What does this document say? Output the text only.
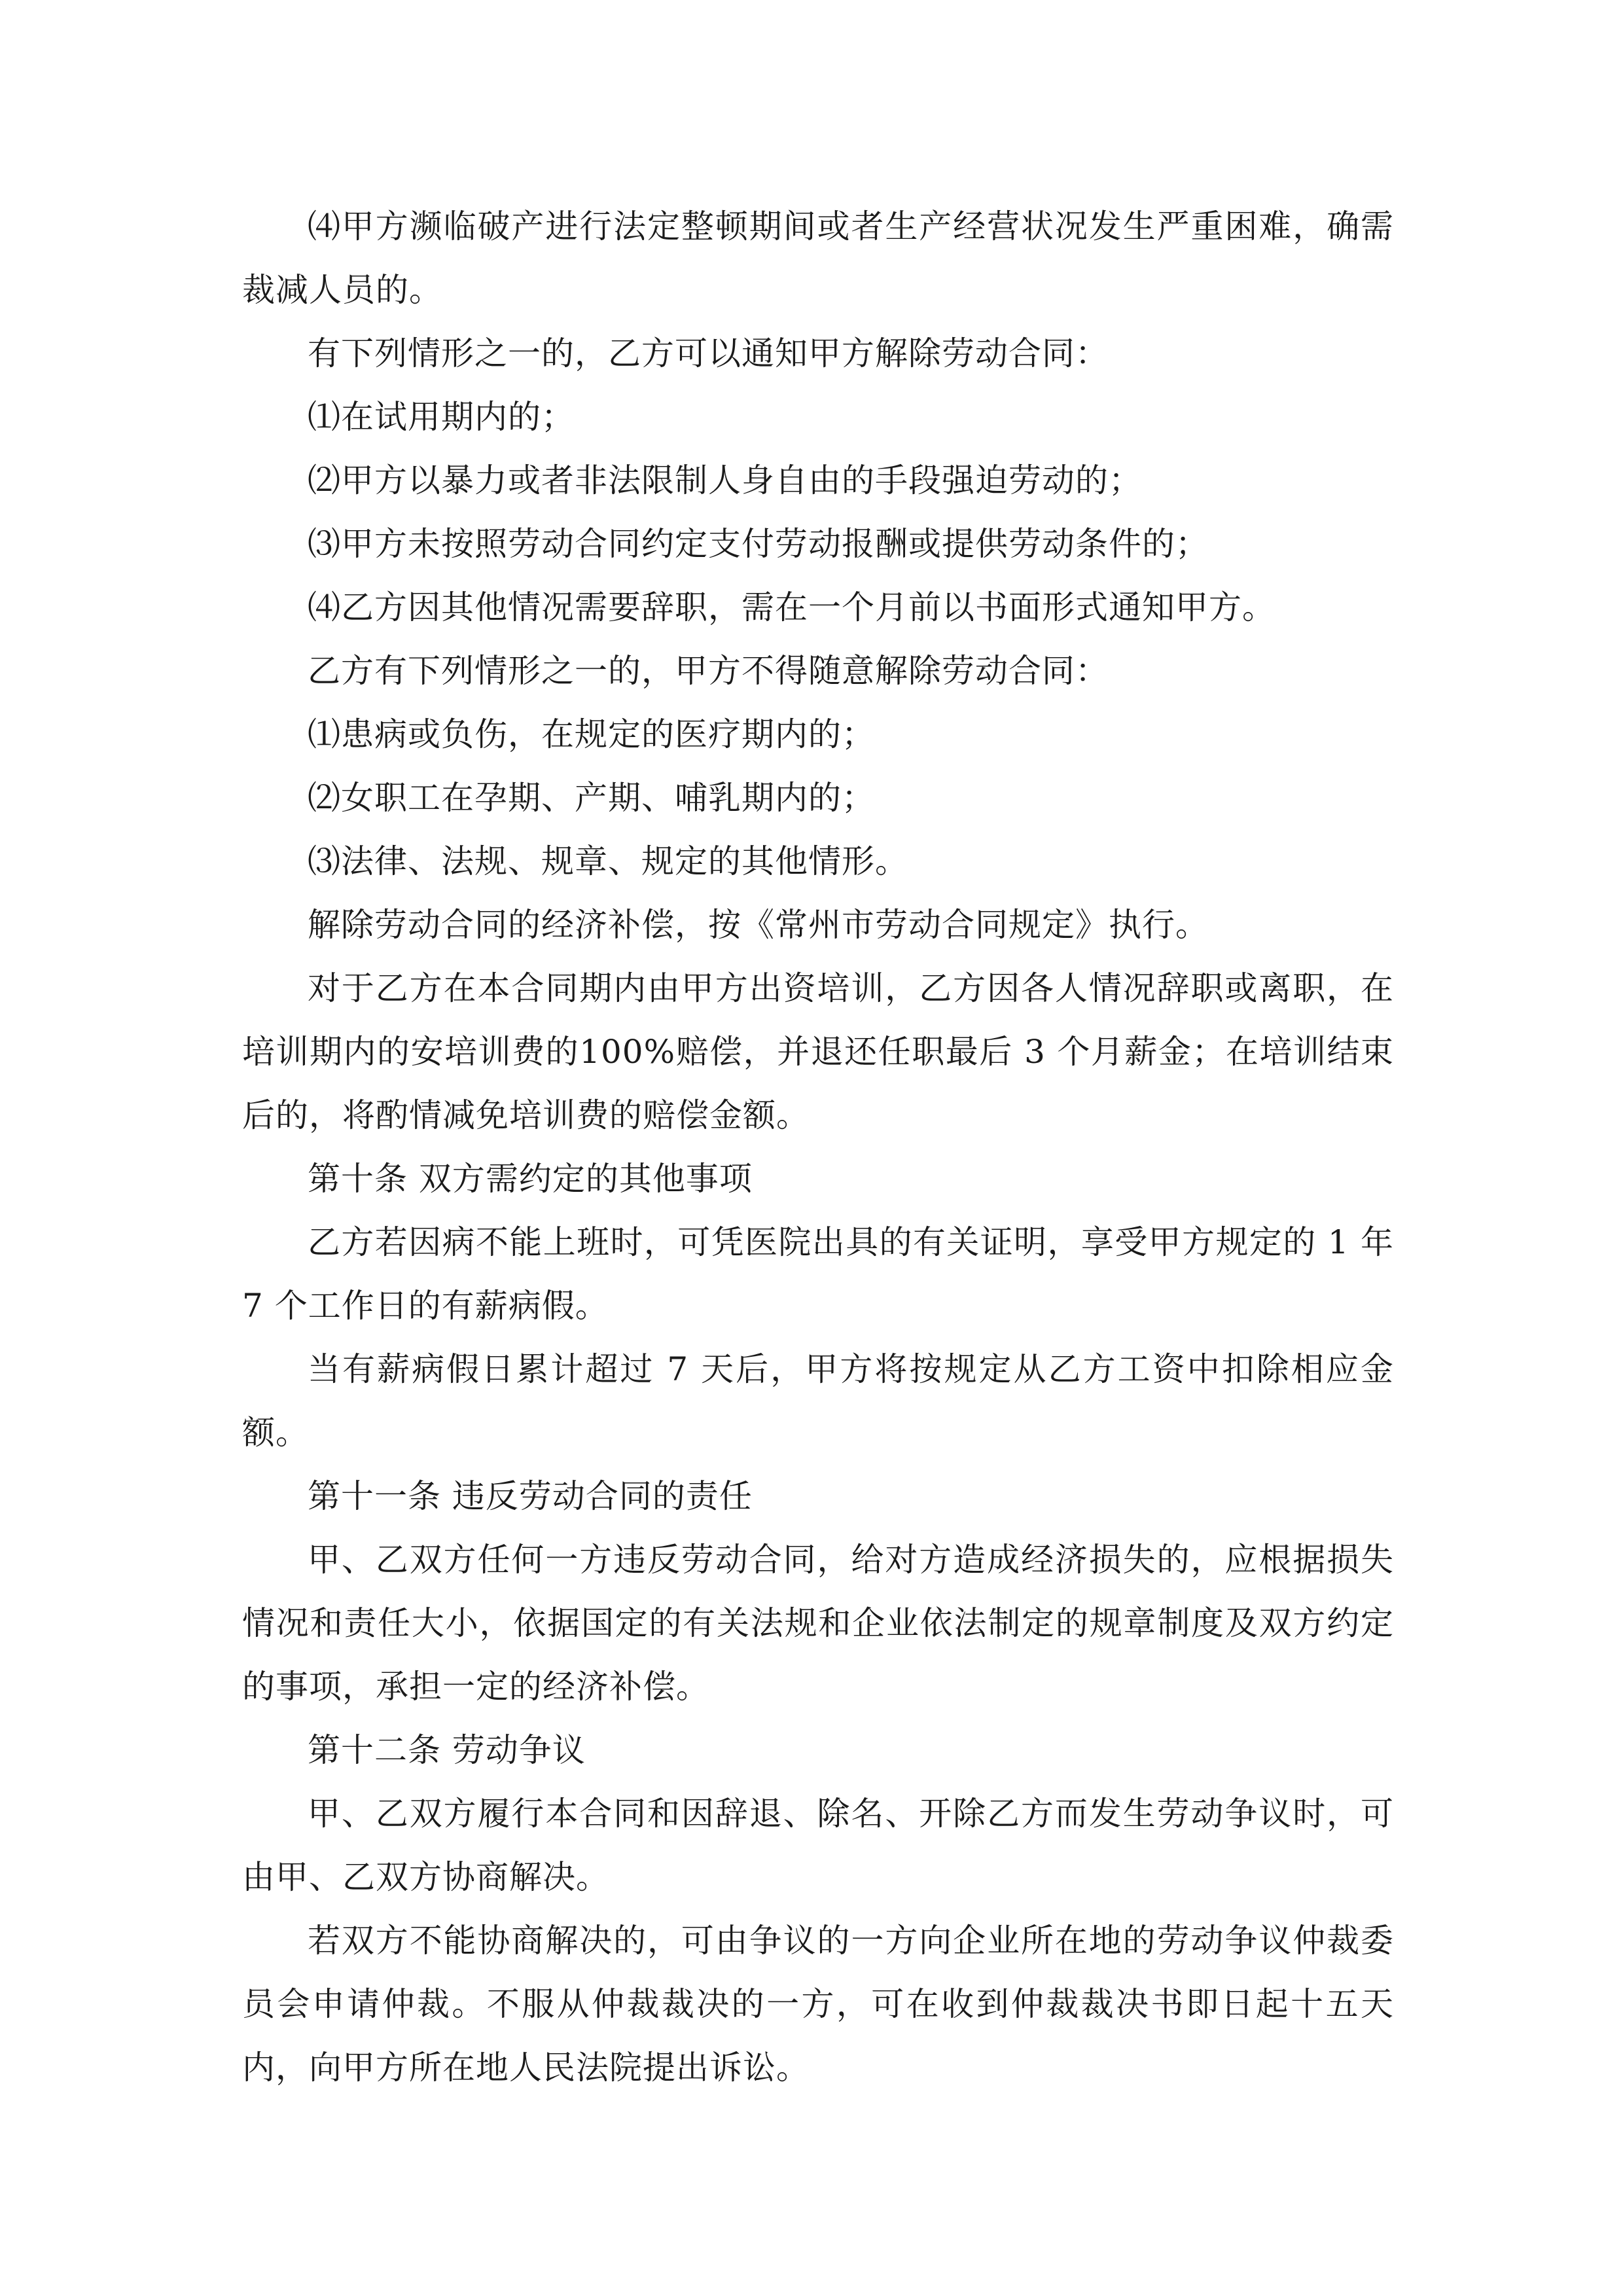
⑷甲方濒临破产进行法定整顿期间或者生产经营状况发生严重困难，确需裁减人员的。

有下列情形之一的，乙方可以通知甲方解除劳动合同：

⑴在试用期内的；

⑵甲方以暴力或者非法限制人身自由的手段强迫劳动的；

⑶甲方未按照劳动合同约定支付劳动报酬或提供劳动条件的；

⑷乙方因其他情况需要辞职，需在一个月前以书面形式通知甲方。

乙方有下列情形之一的，甲方不得随意解除劳动合同：

⑴患病或负伤，在规定的医疗期内的；

⑵女职工在孕期、产期、哺乳期内的；

⑶法律、法规、规章、规定的其他情形。

解除劳动合同的经济补偿，按《常州市劳动合同规定》执行。

对于乙方在本合同期内由甲方出资培训，乙方因各人情况辞职或离职，在培训期内的安培训费的100%赔偿，并退还任职最后 3 个月薪金；在培训结束后的，将酌情减免培训费的赔偿金额。

第十条 双方需约定的其他事项

乙方若因病不能上班时，可凭医院出具的有关证明，享受甲方规定的 1 年 7 个工作日的有薪病假。

当有薪病假日累计超过 7 天后，甲方将按规定从乙方工资中扣除相应金额。

第十一条 违反劳动合同的责任

甲、乙双方任何一方违反劳动合同，给对方造成经济损失的，应根据损失情况和责任大小，依据国定的有关法规和企业依法制定的规章制度及双方约定的事项，承担一定的经济补偿。

第十二条 劳动争议

甲、乙双方履行本合同和因辞退、除名、开除乙方而发生劳动争议时，可由甲、乙双方协商解决。

若双方不能协商解决的，可由争议的一方向企业所在地的劳动争议仲裁委员会申请仲裁。不服从仲裁裁决的一方，可在收到仲裁裁决书即日起十五天内，向甲方所在地人民法院提出诉讼。
